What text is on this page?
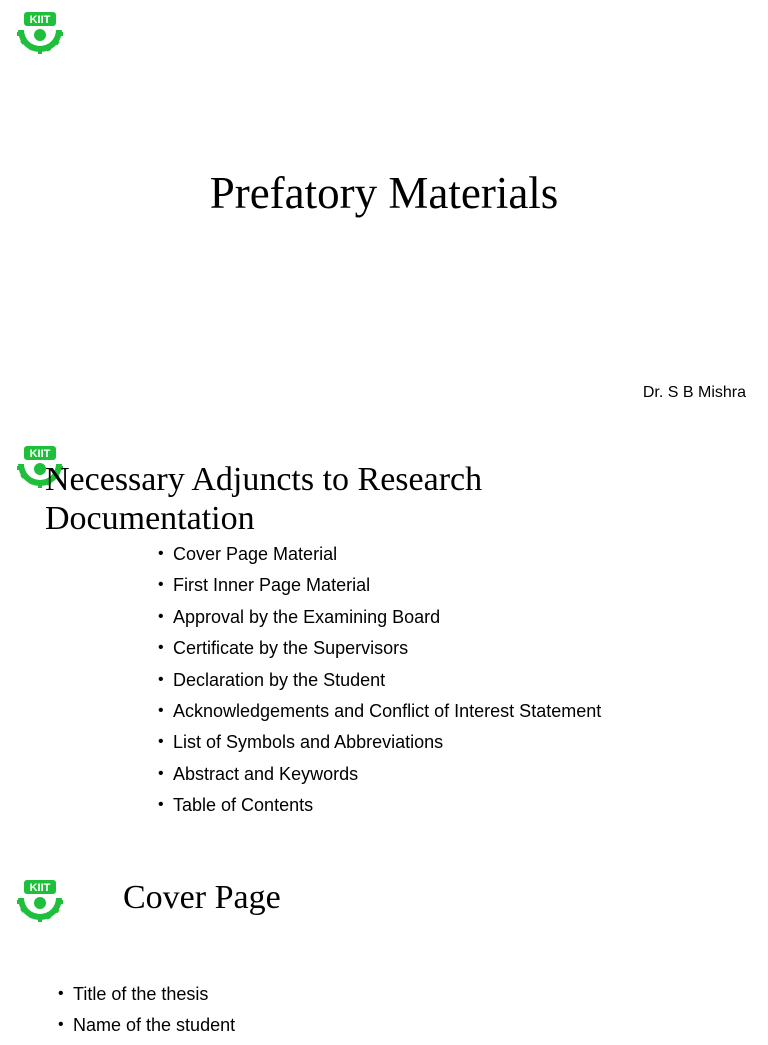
KIIT
Prefatory Materials
Dr. S B Mishra
KIIT
Necessary Adjuncts to Research Documentation
• Cover Page Material
• First Inner Page Material
• Approval by the Examining Board
• Certificate by the Supervisors
• Declaration by the Student
• Acknowledgements and Conflict of Interest Statement
• List of Symbols and Abbreviations
• Abstract and Keywords
• Table of Contents
KIIT Cover Page
• Title of the thesis
• Name of the student
